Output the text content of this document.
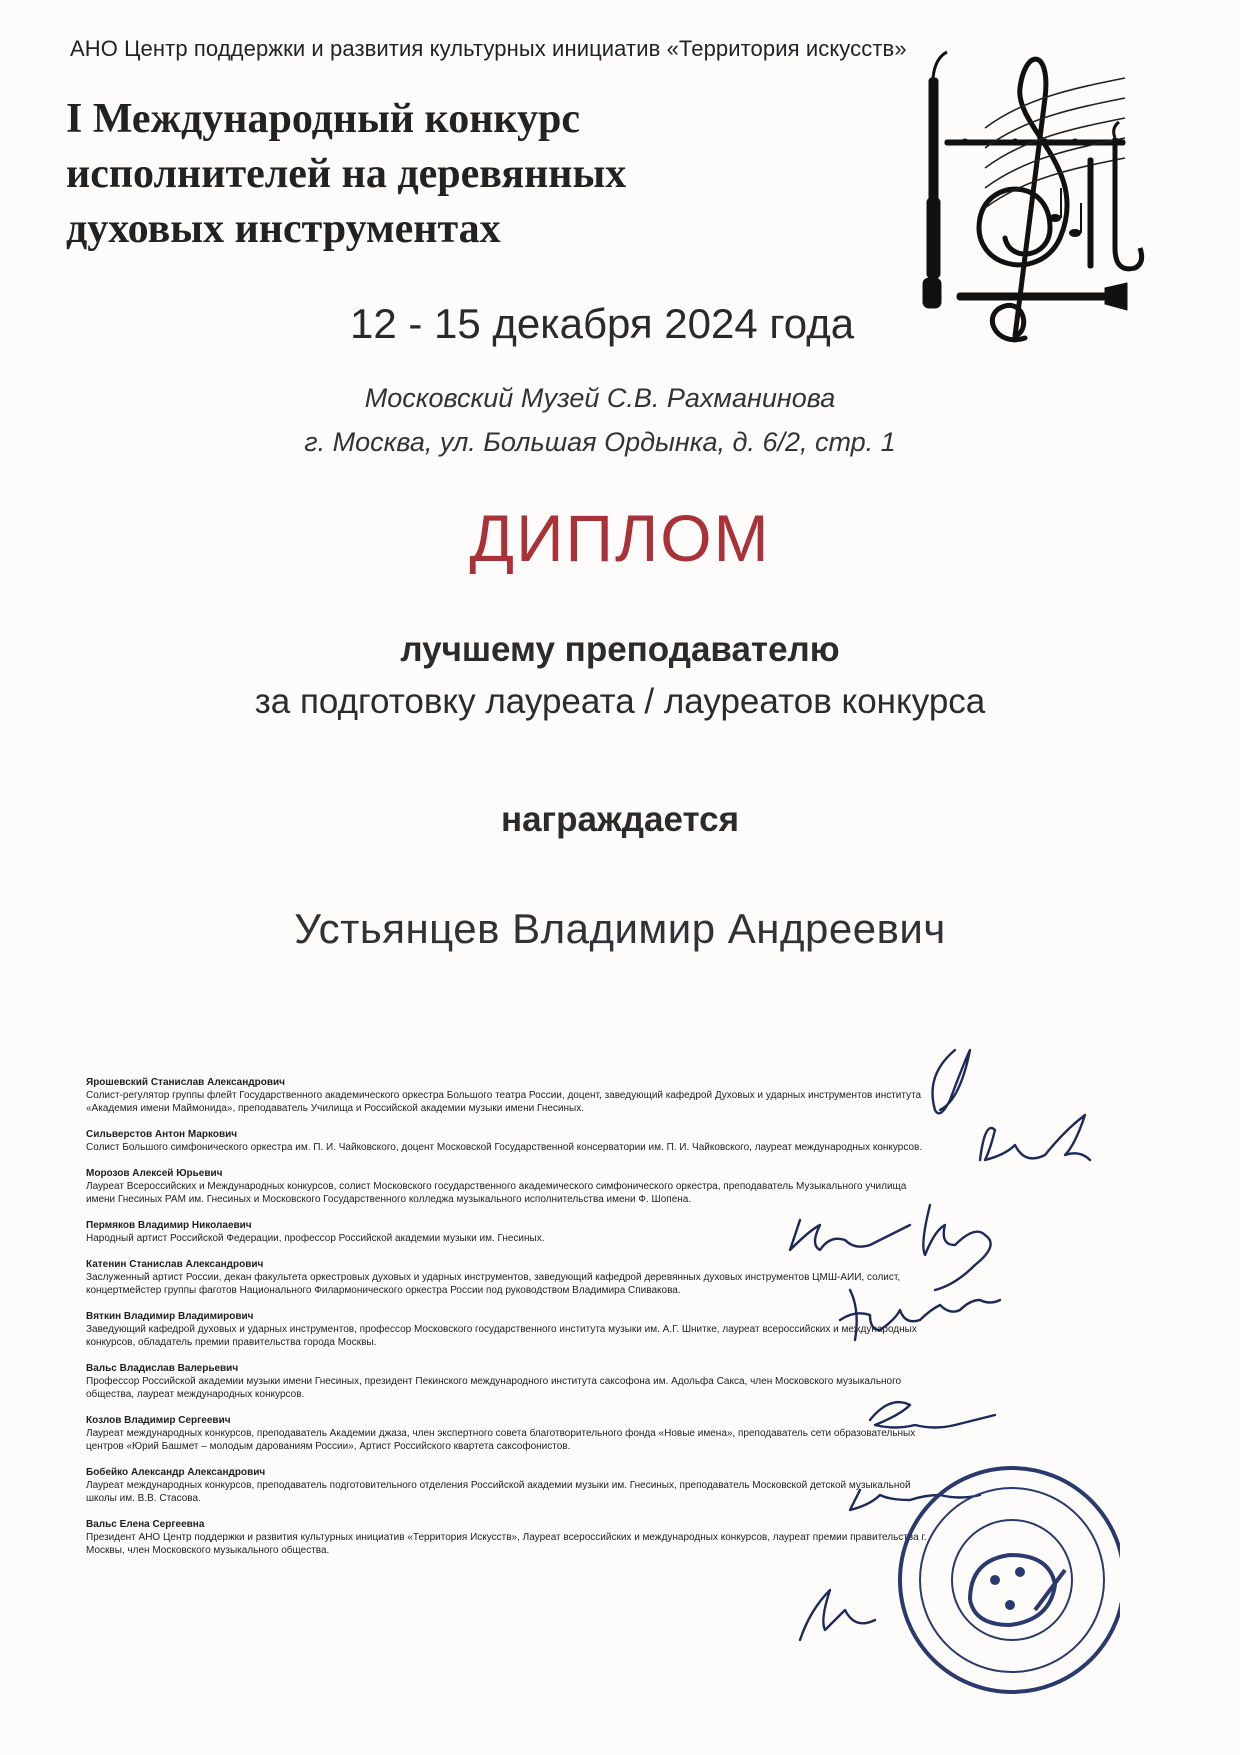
АНО Центр поддержки и развития культурных инициатив «Территория искусств»
I Международный конкурс
исполнителей на деревянных
духовых инструментах
12 - 15 декабря 2024 года
Московский Музей С.В. Рахманинова
г. Москва, ул. Большая Ордынка, д. 6/2, стр. 1
ДИПЛОМ
лучшему преподавателю
за подготовку лауреата / лауреатов конкурса
награждается
Устьянцев Владимир Андреевич
Ярошевский Станислав Александрович
Солист-регулятор группы флейт Государственного академического оркестра Большого театра России, доцент, заведующий кафедрой Духовых и ударных инструментов института «Академия имени Маймонида», преподаватель Училища и Российской академии музыки имени Гнесиных.
Сильверстов Антон Маркович
Солист Большого симфонического оркестра им. П. И. Чайковского, доцент Московской Государственной консерватории им. П. И. Чайковского, лауреат международных конкурсов.
Морозов Алексей Юрьевич
Лауреат Всероссийских и Международных конкурсов, солист Московского государственного академического симфонического оркестра, преподаватель Музыкального училища имени Гнесиных РАМ им. Гнесиных и Московского Государственного колледжа музыкального исполнительства имени Ф. Шопена.
Пермяков Владимир Николаевич
Народный артист Российской Федерации, профессор Российской академии музыки им. Гнесиных.
Катенин Станислав Александрович
Заслуженный артист России, декан факультета оркестровых духовых и ударных инструментов, заведующий кафедрой деревянных духовых инструментов ЦМШ-АИИ, солист, концертмейстер группы фаготов Национального Филармонического оркестра России под руководством Владимира Спивакова.
Вяткин Владимир Владимирович
Заведующий кафедрой духовых и ударных инструментов, профессор Московского государственного института музыки им. А.Г. Шнитке, лауреат всероссийских и международных конкурсов, обладатель премии правительства города Москвы.
Вальс Владислав Валерьевич
Профессор Российской академии музыки имени Гнесиных, президент Пекинского международного института саксофона им. Адольфа Сакса, член Московского музыкального общества, лауреат международных конкурсов.
Козлов Владимир Сергеевич
Лауреат международных конкурсов, преподаватель Академии джаза, член экспертного совета благотворительного фонда «Новые имена», преподаватель сети образовательных центров «Юрий Башмет – молодым дарованиям России», Артист Российского квартета саксофонистов.
Бобейко Александр Александрович
Лауреат международных конкурсов, преподаватель подготовительного отделения Российской академии музыки им. Гнесиных, преподаватель Московской детской музыкальной школы им. В.В. Стасова.
Вальс Елена Сергеевна
Президент АНО Центр поддержки и развития культурных инициатив «Территория Искусств», Лауреат всероссийских и международных конкурсов, лауреат премии правительства г. Москвы, член Московского музыкального общества.
